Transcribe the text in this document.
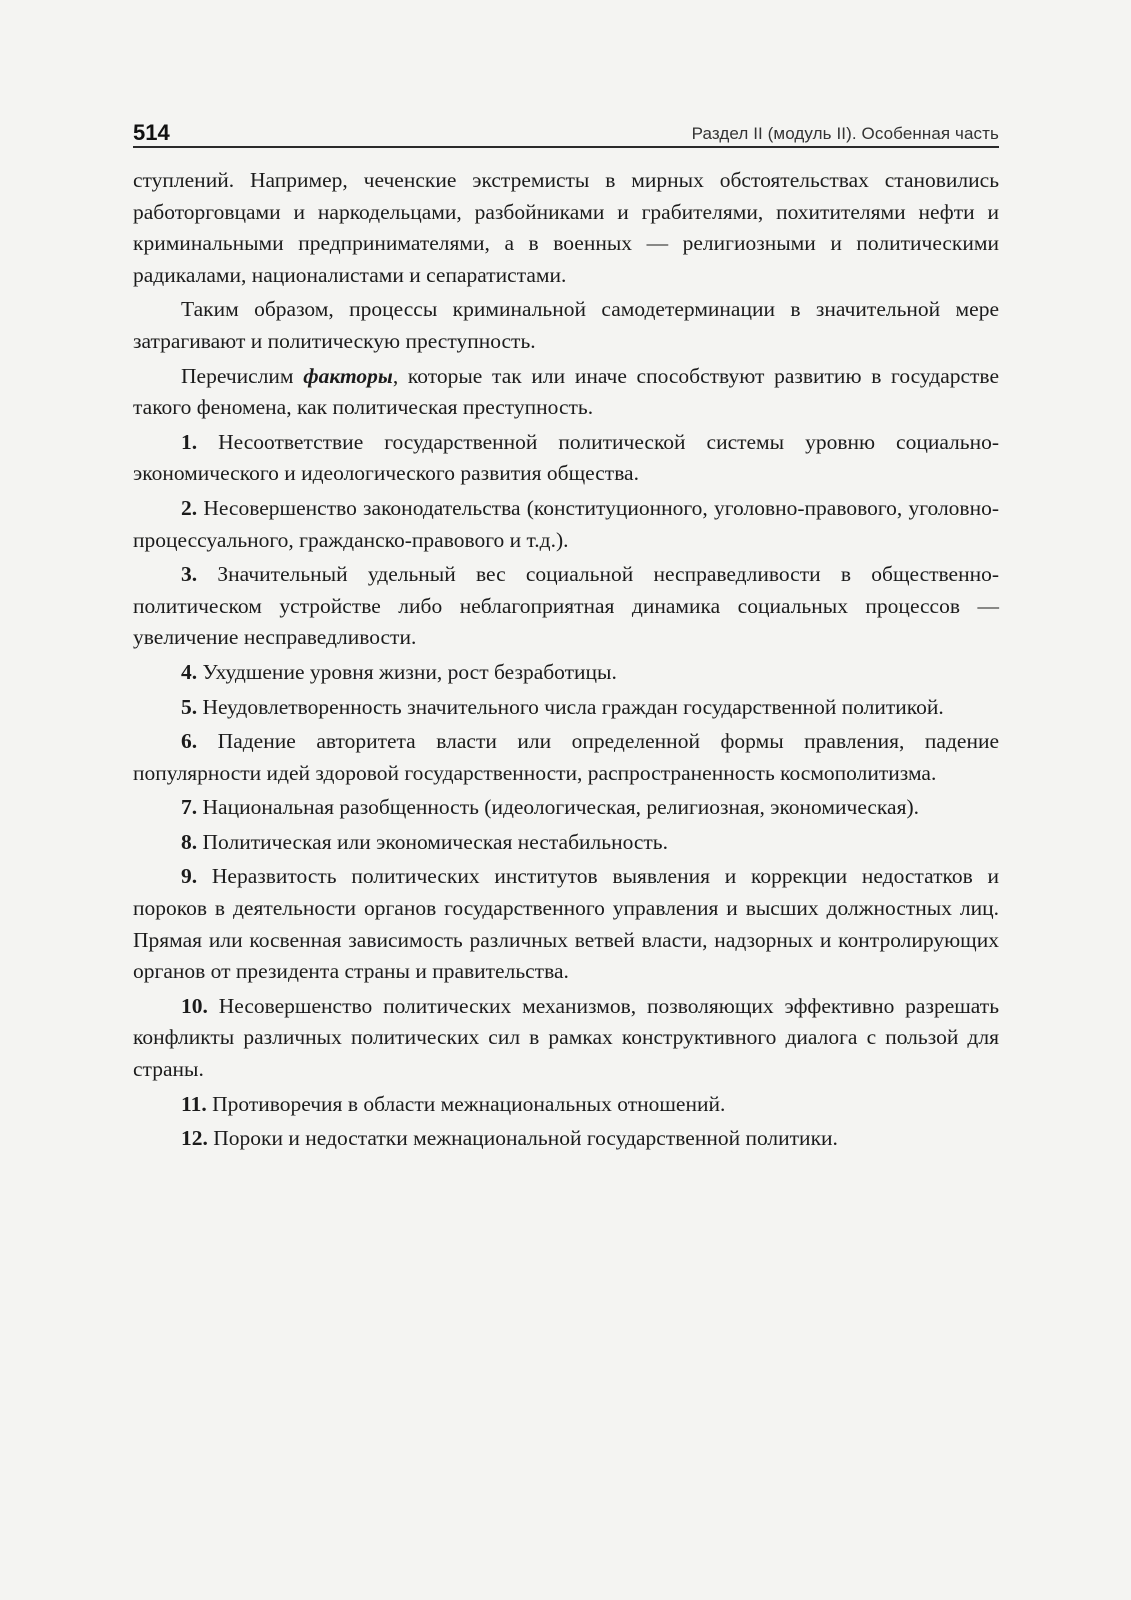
514	Раздел II (модуль II). Особенная часть

ступлений. Например, чеченские экстремисты в мирных обстоятельствах становились работорговцами и наркодельцами, разбойниками и грабителями, похитителями нефти и криминальными предпринимателями, а в военных — религиозными и политическими радикалами, националистами и сепаратистами.

Таким образом, процессы криминальной самодетерминации в значительной мере затрагивают и политическую преступность.

Перечислим факторы, которые так или иначе способствуют развитию в государстве такого феномена, как политическая преступность.

1. Несоответствие государственной политической системы уровню социально-экономического и идеологического развития общества.

2. Несовершенство законодательства (конституционного, уголовно-правового, уголовно-процессуального, гражданско-правового и т.д.).

3. Значительный удельный вес социальной несправедливости в общественно-политическом устройстве либо неблагоприятная динамика социальных процессов — увеличение несправедливости.

4. Ухудшение уровня жизни, рост безработицы.

5. Неудовлетворенность значительного числа граждан государственной политикой.

6. Падение авторитета власти или определенной формы правления, падение популярности идей здоровой государственности, распространенность космополитизма.

7. Национальная разобщенность (идеологическая, религиозная, экономическая).

8. Политическая или экономическая нестабильность.

9. Неразвитость политических институтов выявления и коррекции недостатков и пороков в деятельности органов государственного управления и высших должностных лиц. Прямая или косвенная зависимость различных ветвей власти, надзорных и контролирующих органов от президента страны и правительства.

10. Несовершенство политических механизмов, позволяющих эффективно разрешать конфликты различных политических сил в рамках конструктивного диалога с пользой для страны.

11. Противоречия в области межнациональных отношений.

12. Пороки и недостатки межнациональной государственной политики.
